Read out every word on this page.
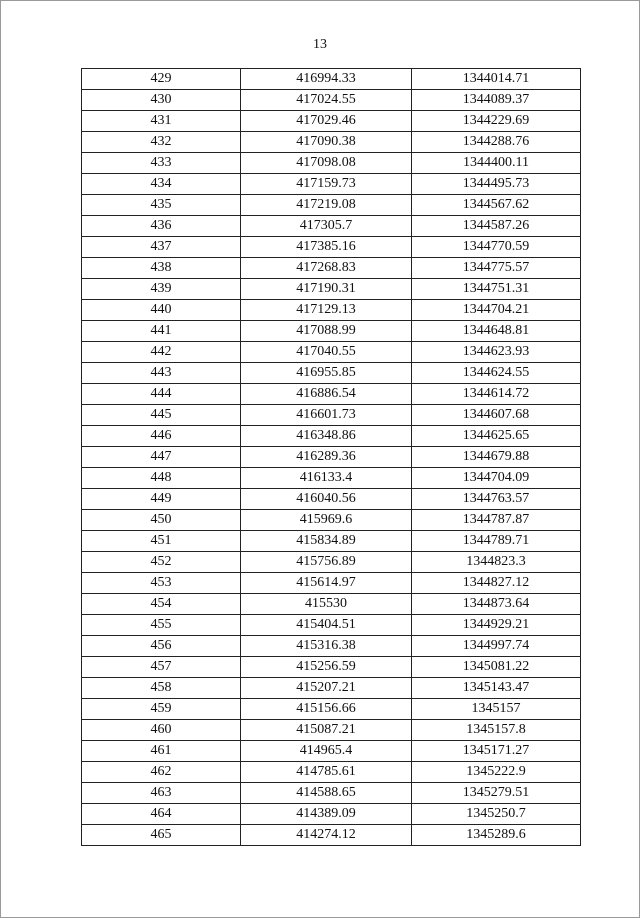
13
429	416994.33	1344014.71
430	417024.55	1344089.37
431	417029.46	1344229.69
432	417090.38	1344288.76
433	417098.08	1344400.11
434	417159.73	1344495.73
435	417219.08	1344567.62
436	417305.7	1344587.26
437	417385.16	1344770.59
438	417268.83	1344775.57
439	417190.31	1344751.31
440	417129.13	1344704.21
441	417088.99	1344648.81
442	417040.55	1344623.93
443	416955.85	1344624.55
444	416886.54	1344614.72
445	416601.73	1344607.68
446	416348.86	1344625.65
447	416289.36	1344679.88
448	416133.4	1344704.09
449	416040.56	1344763.57
450	415969.6	1344787.87
451	415834.89	1344789.71
452	415756.89	1344823.3
453	415614.97	1344827.12
454	415530	1344873.64
455	415404.51	1344929.21
456	415316.38	1344997.74
457	415256.59	1345081.22
458	415207.21	1345143.47
459	415156.66	1345157
460	415087.21	1345157.8
461	414965.4	1345171.27
462	414785.61	1345222.9
463	414588.65	1345279.51
464	414389.09	1345250.7
465	414274.12	1345289.6
